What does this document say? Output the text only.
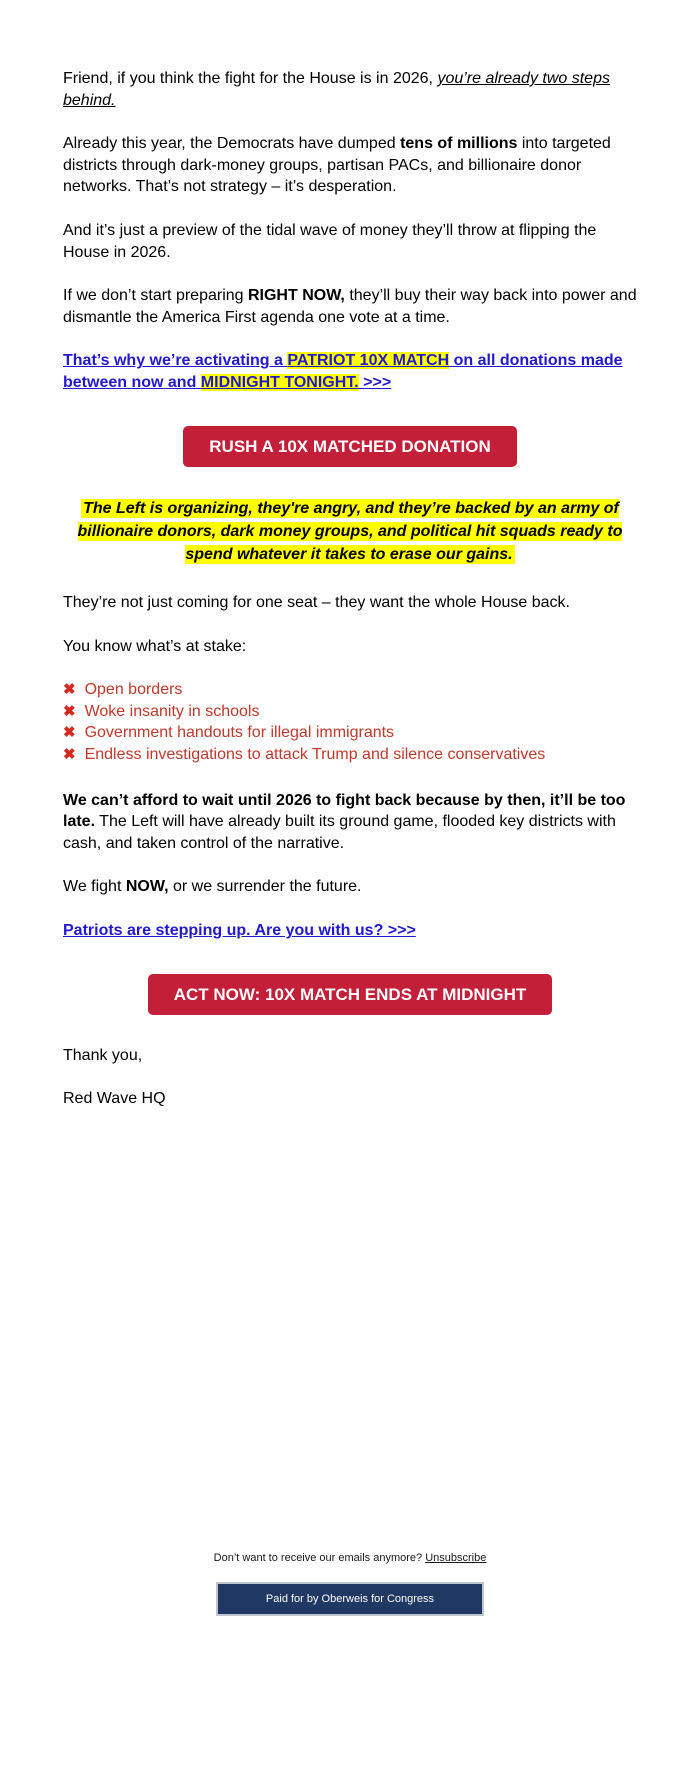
Friend, if you think the fight for the House is in 2026, you’re already two steps behind.

Already this year, the Democrats have dumped tens of millions into targeted districts through dark-money groups, partisan PACs, and billionaire donor networks. That’s not strategy – it’s desperation.

And it’s just a preview of the tidal wave of money they’ll throw at flipping the House in 2026.

If we don’t start preparing RIGHT NOW, they’ll buy their way back into power and dismantle the America First agenda one vote at a time.

That’s why we’re activating a PATRIOT 10X MATCH on all donations made between now and MIDNIGHT TONIGHT. >>>

RUSH A 10X MATCHED DONATION

The Left is organizing, they're angry, and they’re backed by an army of billionaire donors, dark money groups, and political hit squads ready to spend whatever it takes to erase our gains.

They’re not just coming for one seat – they want the whole House back.

You know what’s at stake:

✖ Open borders
✖ Woke insanity in schools
✖ Government handouts for illegal immigrants
✖ Endless investigations to attack Trump and silence conservatives

We can’t afford to wait until 2026 to fight back because by then, it’ll be too late. The Left will have already built its ground game, flooded key districts with cash, and taken control of the narrative.

We fight NOW, or we surrender the future.

Patriots are stepping up. Are you with us? >>>

ACT NOW: 10X MATCH ENDS AT MIDNIGHT

Thank you,

Red Wave HQ

Don’t want to receive our emails anymore? Unsubscribe

Paid for by Oberweis for Congress
